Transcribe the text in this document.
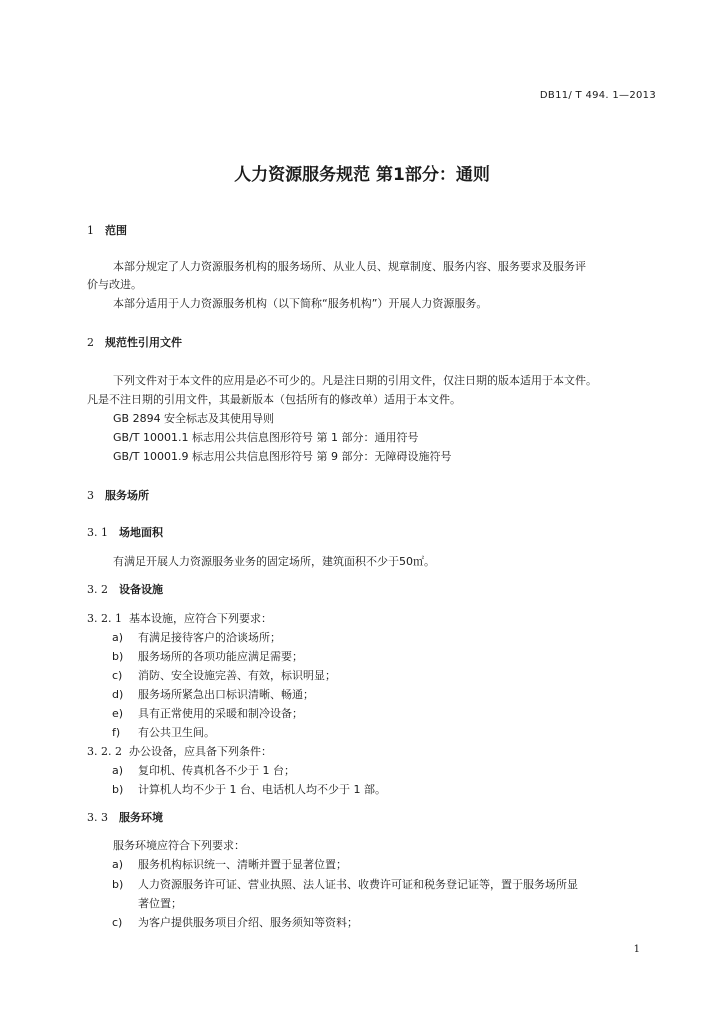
DB11/ T 494. 1—2013
人力资源服务规范 第1部分：通则
1 范围
本部分规定了人力资源服务机构的服务场所、从业人员、规章制度、服务内容、服务要求及服务评
价与改进。
本部分适用于人力资源服务机构（以下简称“服务机构”）开展人力资源服务。
2 规范性引用文件
下列文件对于本文件的应用是必不可少的。凡是注日期的引用文件，仅注日期的版本适用于本文件。
凡是不注日期的引用文件，其最新版本（包括所有的修改单）适用于本文件。
GB 2894 安全标志及其使用导则
GB/T 10001.1 标志用公共信息图形符号 第 1 部分：通用符号
GB/T 10001.9 标志用公共信息图形符号 第 9 部分：无障碍设施符号
3 服务场所
3. 1 场地面积
有满足开展人力资源服务业务的固定场所，建筑面积不少于50㎡。
3. 2 设备设施
3. 2. 1 基本设施，应符合下列要求：
a) 有满足接待客户的洽谈场所；
b) 服务场所的各项功能应满足需要；
c) 消防、安全设施完善、有效，标识明显；
d) 服务场所紧急出口标识清晰、畅通；
e) 具有正常使用的采暖和制冷设备；
f) 有公共卫生间。
3. 2. 2 办公设备，应具备下列条件：
a) 复印机、传真机各不少于 1 台；
b) 计算机人均不少于 1 台、电话机人均不少于 1 部。
3. 3 服务环境
服务环境应符合下列要求：
a) 服务机构标识统一、清晰并置于显著位置；
b) 人力资源服务许可证、营业执照、法人证书、收费许可证和税务登记证等，置于服务场所显
著位置；
c) 为客户提供服务项目介绍、服务须知等资料；
1
